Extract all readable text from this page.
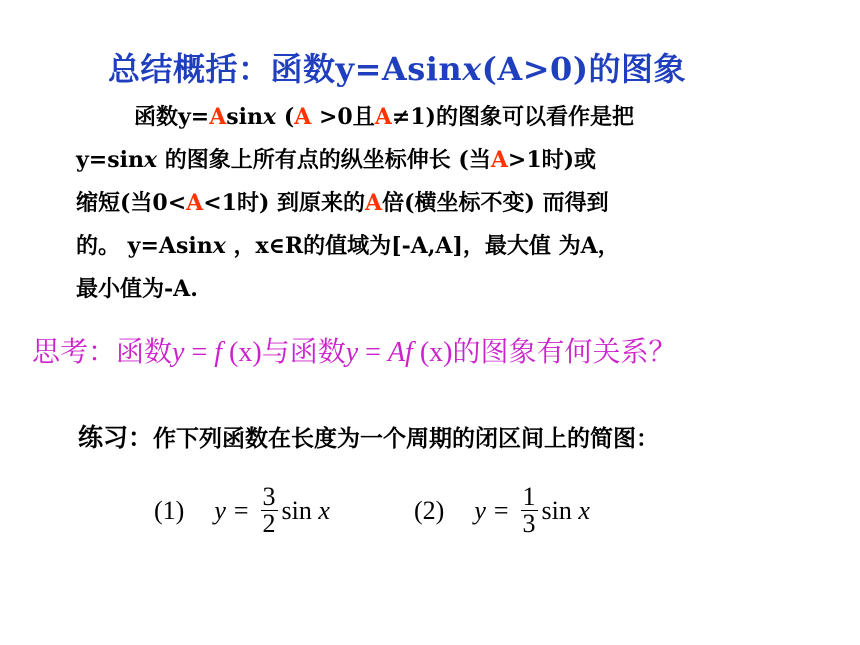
总结概括：函数y=Asinx(A>0)的图象
函数y=Asinx (A >0且A≠1)的图象可以看作是把
y=sinx 的图象上所有点的纵坐标伸长 (当A>1时)或
缩短(当0<A<1时) 到原来的A倍(横坐标不变) 而得到
的。 y=Asinx ，x∈R的值域为[-A,A]，最大值 为A，
最小值为-A.
思考：函数y = f (x)与函数y = Af (x)的图象有何关系？
练习：作下列函数在长度为一个周期的闭区间上的简图：
(1) $y = \frac{3}{2}$ sin
x	(2) $y = \frac{1}{3}$ sin
x
